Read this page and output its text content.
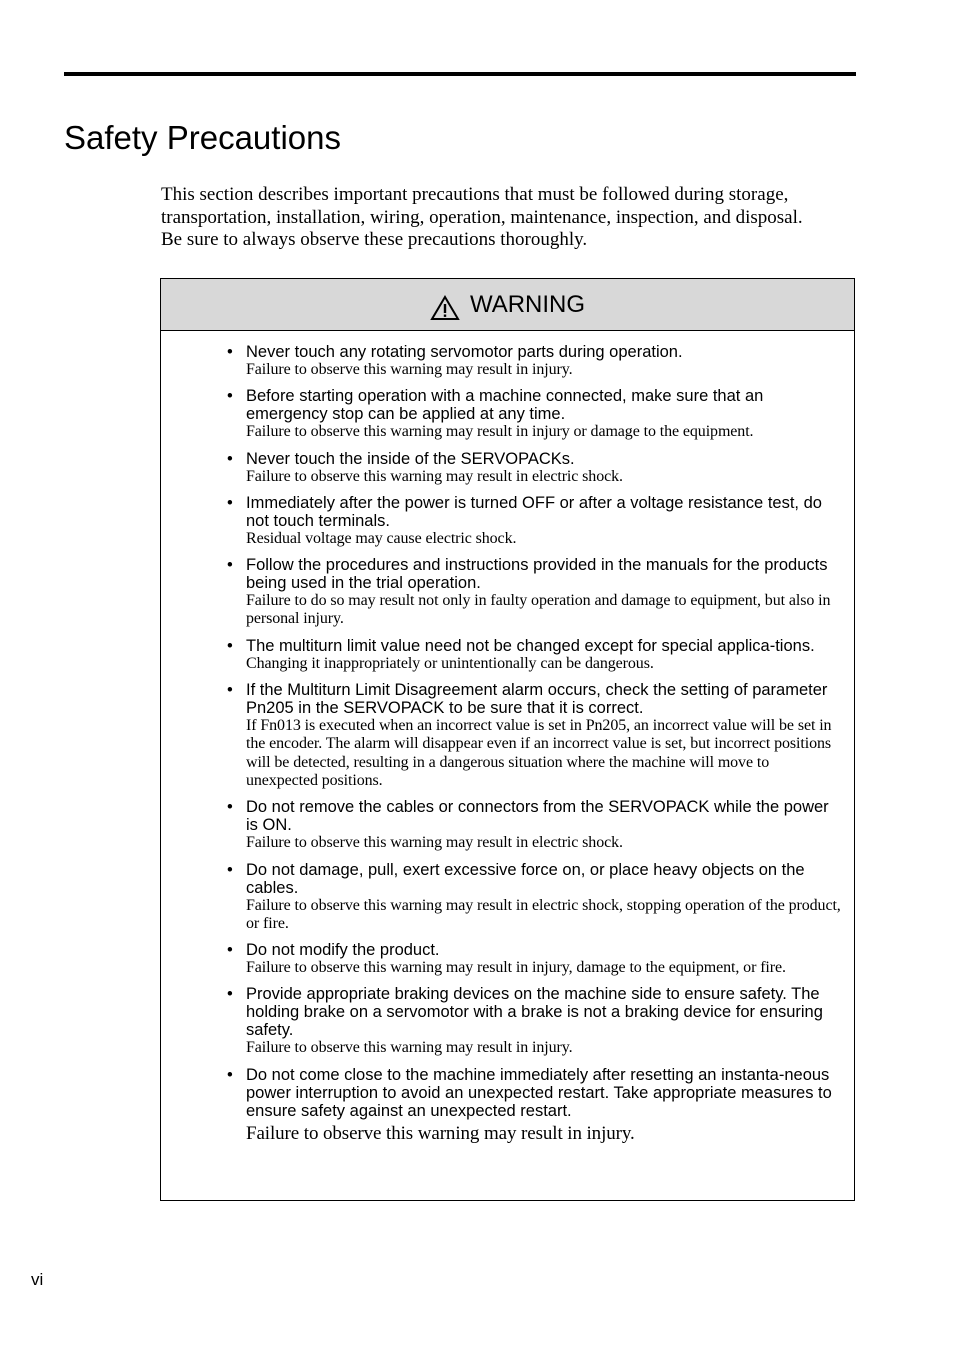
Safety Precautions

This section describes important precautions that must be followed during storage,

transportation, installation, wiring, operation, maintenance, inspection, and disposal.

Be sure to always observe these precautions thoroughly.

WARNING
• Never touch any rotating servomotor parts during operation.
Failure to observe this warning may result in injury.
• Before starting operation with a machine connected, make sure that an emergency stop can be applied at any time.
Failure to observe this warning may result in injury or damage to the equipment.
• Never touch the inside of the SERVOPACKs.
Failure to observe this warning may result in electric shock.
• Immediately after the power is turned OFF or after a voltage resistance test, do not touch terminals.
Residual voltage may cause electric shock.
• Follow the procedures and instructions provided in the manuals for the products being used in the trial operation.
Failure to do so may result not only in faulty operation and damage to equipment, but also in personal injury.
• The multiturn limit value need not be changed except for special applica-tions.
Changing it inappropriately or unintentionally can be dangerous.
• If the Multiturn Limit Disagreement alarm occurs, check the setting of parameter Pn205 in the SERVOPACK to be sure that it is correct.
If Fn013 is executed when an incorrect value is set in Pn205, an incorrect value will be set in the encoder. The alarm will disappear even if an incorrect value is set, but incorrect positions will be detected, resulting in a dangerous situation where the machine will move to unexpected positions.
• Do not remove the cables or connectors from the SERVOPACK while the power is ON.
Failure to observe this warning may result in electric shock.
• Do not damage, pull, exert excessive force on, or place heavy objects on the cables.
Failure to observe this warning may result in electric shock, stopping operation of the product, or fire.
• Do not modify the product.
Failure to observe this warning may result in injury, damage to the equipment, or fire.
• Provide appropriate braking devices on the machine side to ensure safety. The holding brake on a servomotor with a brake is not a braking device for ensuring safety.
Failure to observe this warning may result in injury.
• Do not come close to the machine immediately after resetting an instanta-neous power interruption to avoid an unexpected restart. Take appropriate measures to ensure safety against an unexpected restart.
Failure to observe this warning may result in injury.
vi
